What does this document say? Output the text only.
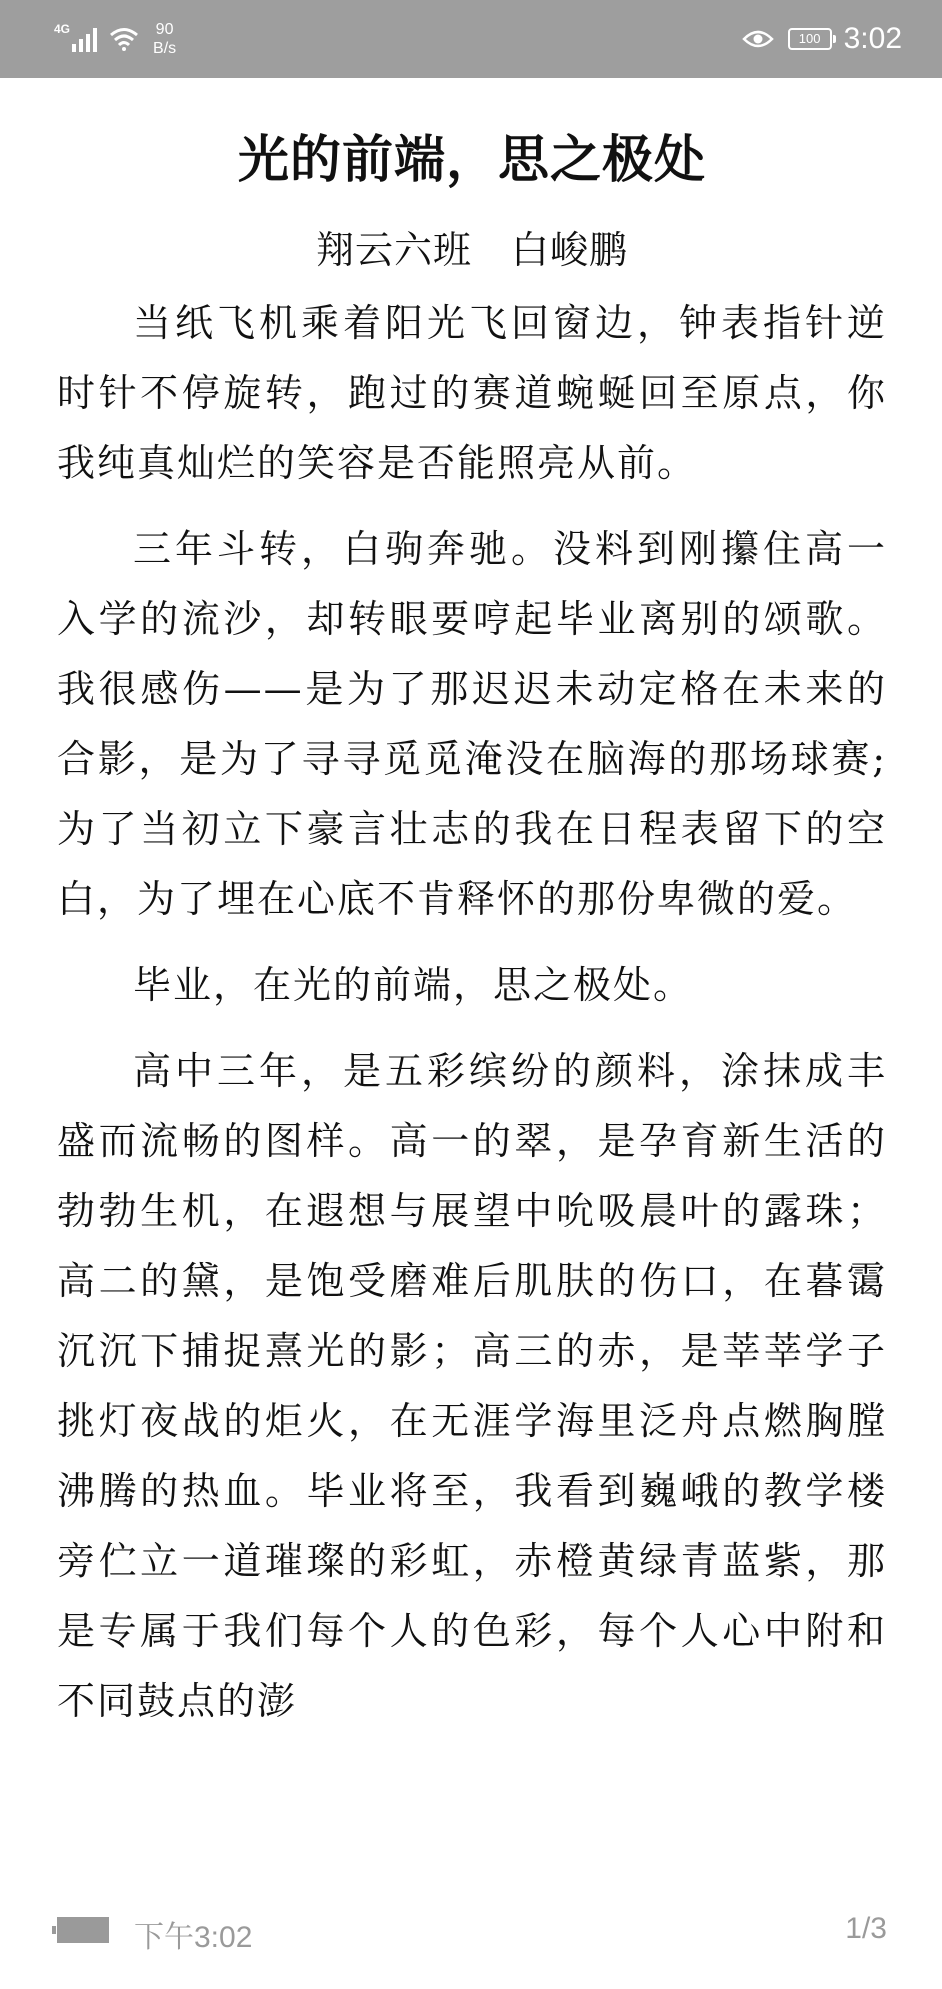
4G	90
B/s
100 3:02
光的前端，思之极处
翔云六班　白峻鹏

当纸飞机乘着阳光飞回窗边，钟表指针逆时针不停旋转，跑过的赛道蜿蜒回至原点，你我纯真灿烂的笑容是否能照亮从前。

三年斗转，白驹奔驰。没料到刚攥住高一入学的流沙，却转眼要哼起毕业离别的颂歌。我很感伤——是为了那迟迟未动定格在未来的合影，是为了寻寻觅觅淹没在脑海的那场球赛;为了当初立下豪言壮志的我在日程表留下的空白，为了埋在心底不肯释怀的那份卑微的爱。

毕业，在光的前端，思之极处。

高中三年，是五彩缤纷的颜料，涂抹成丰盛而流畅的图样。高一的翠，是孕育新生活的勃勃生机，在遐想与展望中吮吸晨叶的露珠；高二的黛，是饱受磨难后肌肤的伤口，在暮霭沉沉下捕捉熹光的影；高三的赤，是莘莘学子挑灯夜战的炬火，在无涯学海里泛舟点燃胸膛沸腾的热血。毕业将至，我看到巍峨的教学楼旁伫立一道璀璨的彩虹，赤橙黄绿青蓝紫，那是专属于我们每个人的色彩，每个人心中附和不同鼓点的澎

下午3:02	1/3
